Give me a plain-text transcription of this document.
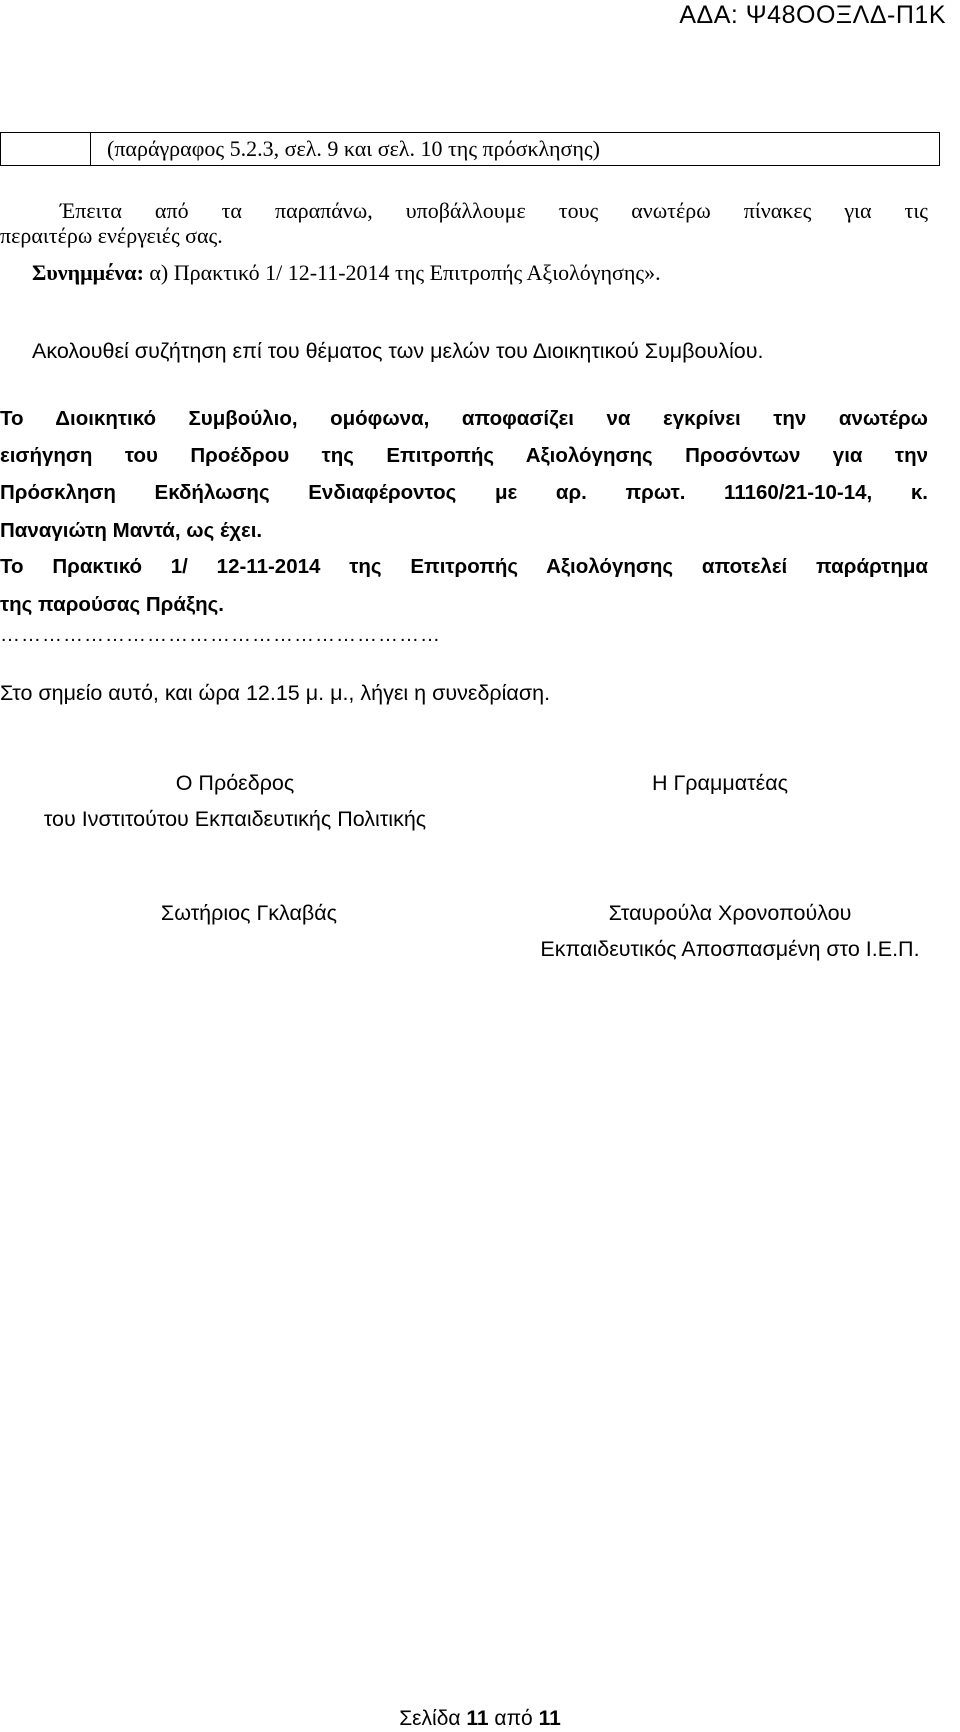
ΑΔΑ: Ψ48ΟΟΞΛΔ-Π1Κ
(παράγραφος 5.2.3, σελ. 9 και σελ. 10 της πρόσκλησης)
Έπειτα από τα παραπάνω, υποβάλλουμε τους ανωτέρω πίνακες για τις
περαιτέρω ενέργειές σας.
Συνημμένα: α) Πρακτικό 1/ 12-11-2014 της Επιτροπής Αξιολόγησης».
Ακολουθεί συζήτηση επί του θέματος των μελών του Διοικητικού Συμβουλίου.
Το Διοικητικό Συμβούλιο, ομόφωνα, αποφασίζει να εγκρίνει την ανωτέρω
εισήγηση του Προέδρου της Επιτροπής Αξιολόγησης Προσόντων για την
Πρόσκληση Εκδήλωσης Ενδιαφέροντος με αρ. πρωτ. 11160/21-10-14, κ.
Παναγιώτη Μαντά, ως έχει.
Το Πρακτικό 1/ 12-11-2014 της Επιτροπής Αξιολόγησης αποτελεί παράρτημα
της παρούσας Πράξης.
………………………………………………………
Στο σημείο αυτό, και ώρα 12.15 μ. μ., λήγει η συνεδρίαση.
Ο Πρόεδρος
του Ινστιτούτου Εκπαιδευτικής Πολιτικής
Η Γραμματέας
Σωτήριος Γκλαβάς	Σταυρούλα Χρονοπούλου
Εκπαιδευτικός Αποσπασμένη στο Ι.Ε.Π.
Σελίδα 11 από 11
